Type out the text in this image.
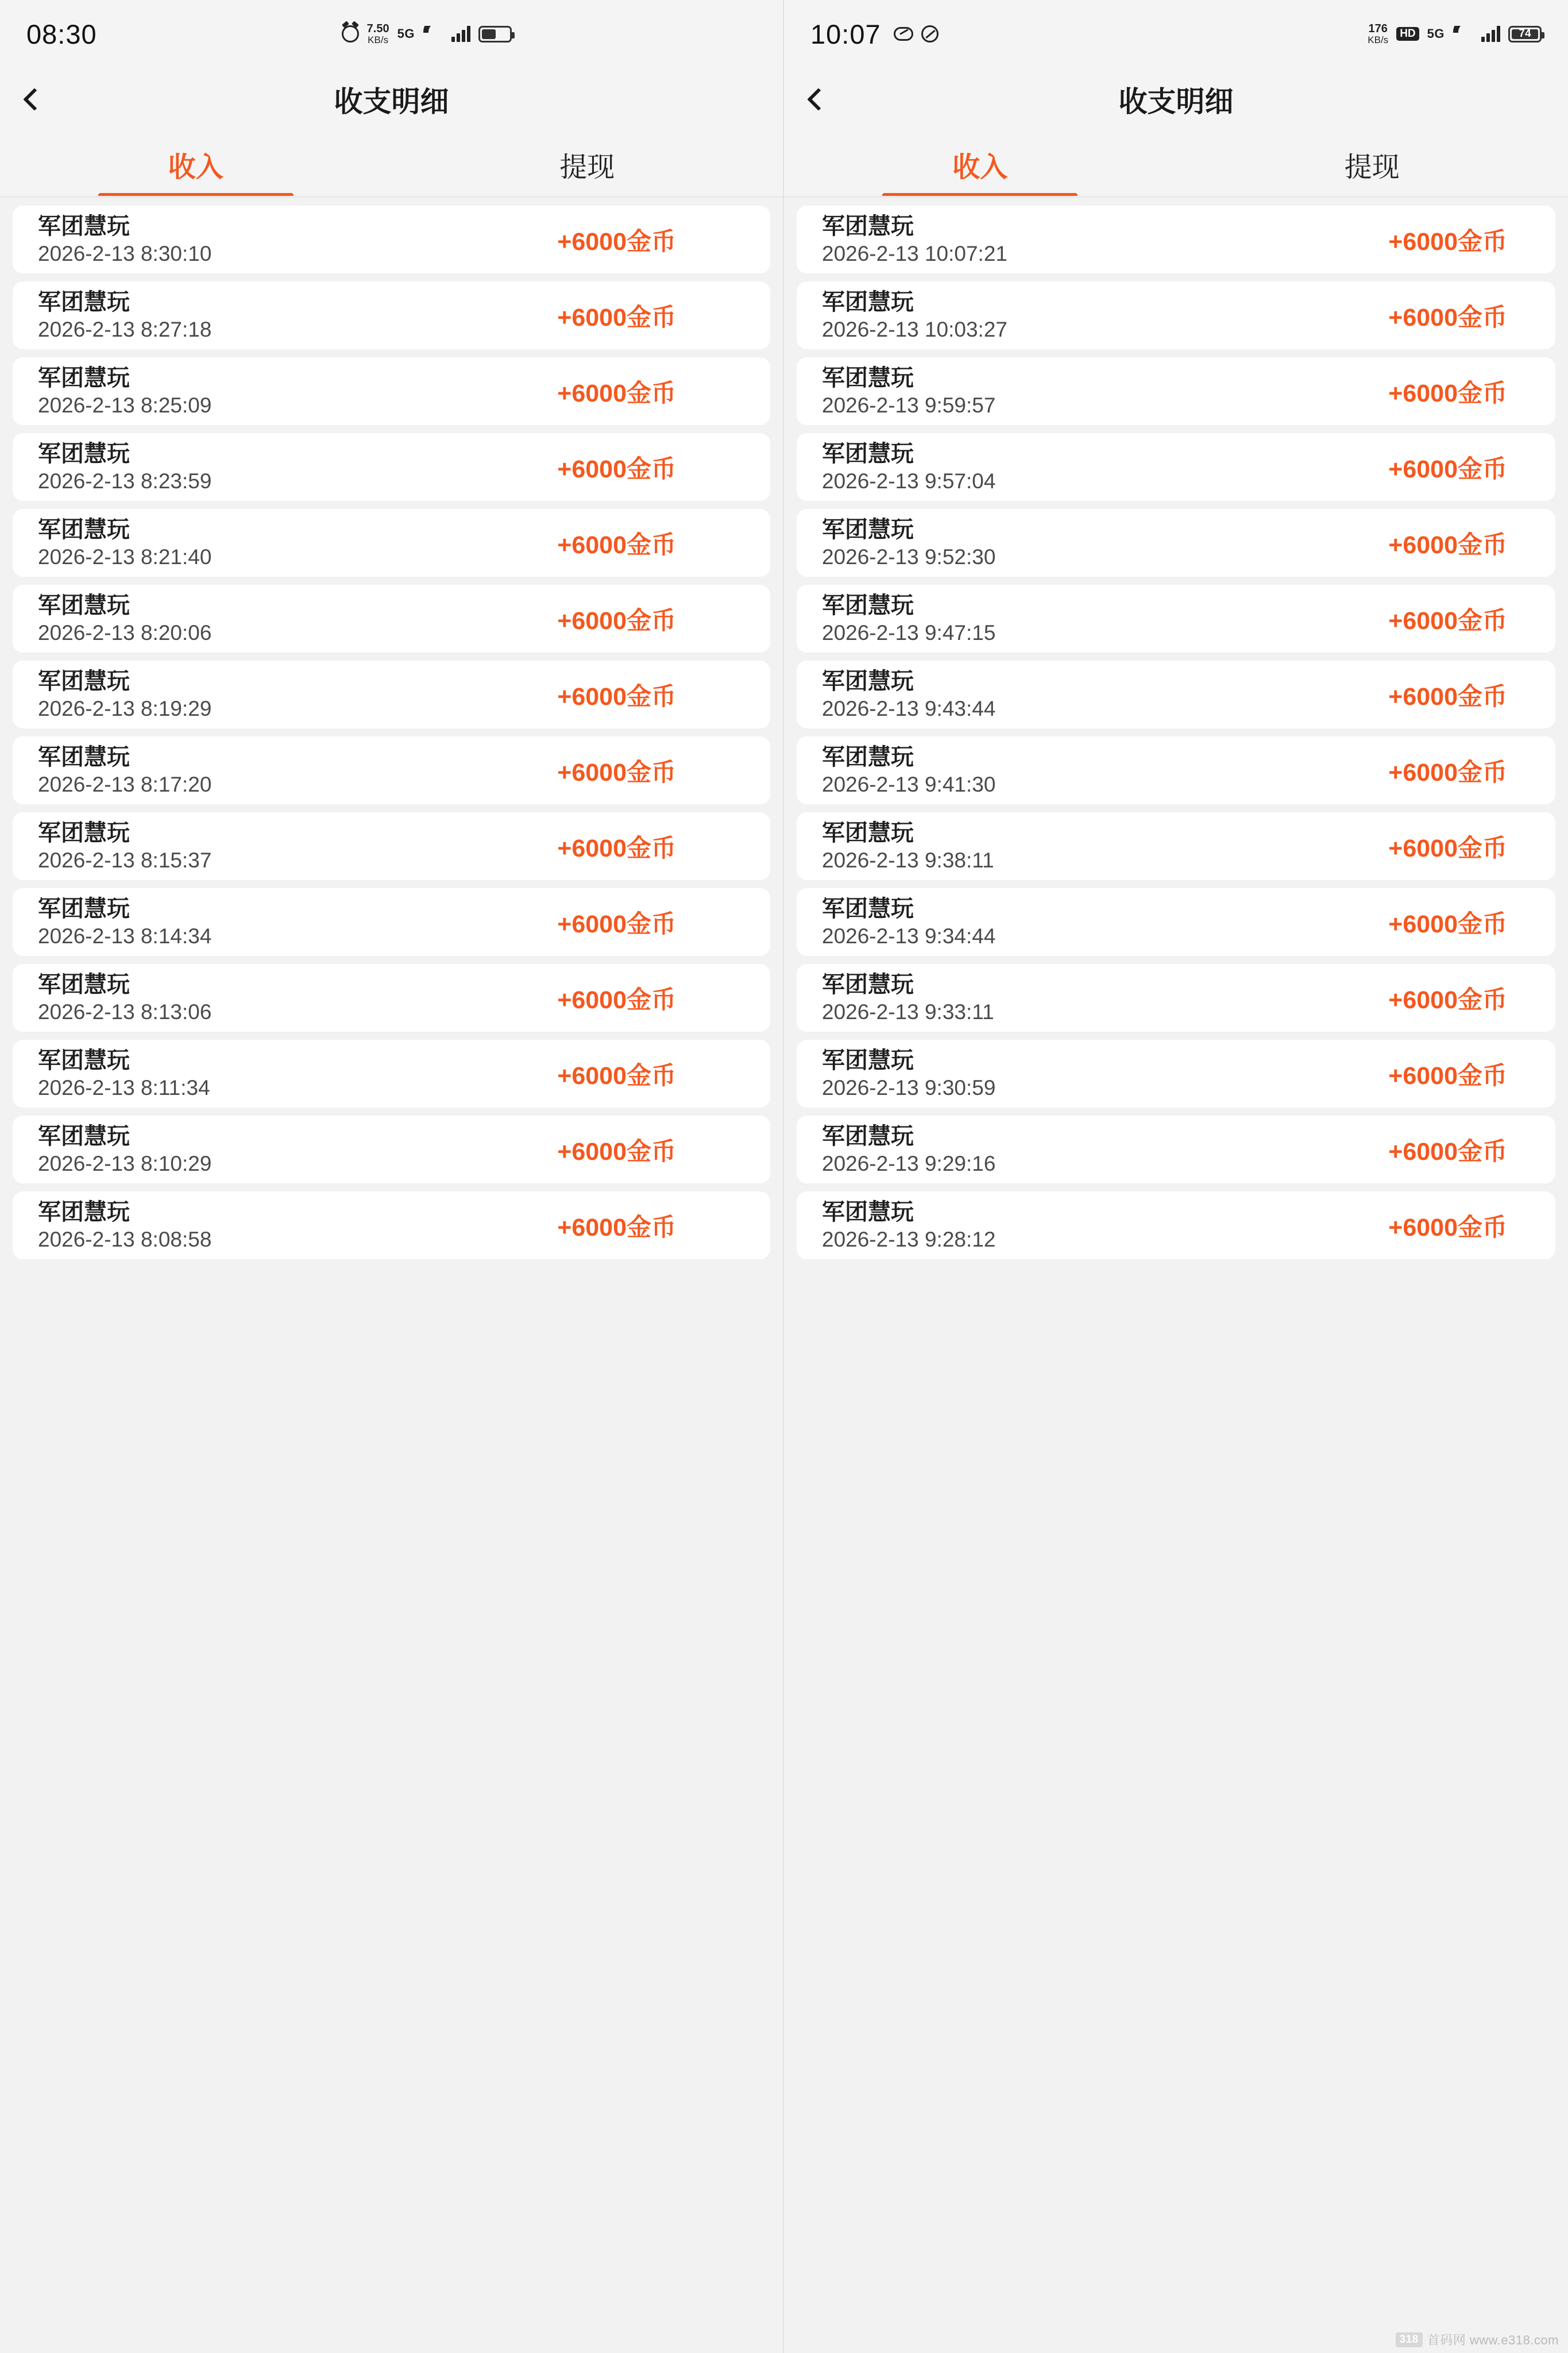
08:30	7.50
KB/s 5G
收支明细
收入	提现
军团慧玩
2026-2-13 8:30:10	+6000金币
军团慧玩
2026-2-13 8:27:18	+6000金币
军团慧玩
2026-2-13 8:25:09	+6000金币
军团慧玩
2026-2-13 8:23:59	+6000金币
军团慧玩
2026-2-13 8:21:40	+6000金币
军团慧玩
2026-2-13 8:20:06	+6000金币
军团慧玩
2026-2-13 8:19:29	+6000金币
军团慧玩
2026-2-13 8:17:20	+6000金币
军团慧玩
2026-2-13 8:15:37	+6000金币
军团慧玩
2026-2-13 8:14:34	+6000金币
军团慧玩
2026-2-13 8:13:06	+6000金币
军团慧玩
2026-2-13 8:11:34	+6000金币
军团慧玩
2026-2-13 8:10:29	+6000金币
军团慧玩
2026-2-13 8:08:58	+6000金币
10:07	176
KB/s
HD 5G	74
收支明细
收入	提现
军团慧玩
2026-2-13 10:07:21	+6000金币
军团慧玩
2026-2-13 10:03:27	+6000金币
军团慧玩
2026-2-13 9:59:57	+6000金币
军团慧玩
2026-2-13 9:57:04	+6000金币
军团慧玩
2026-2-13 9:52:30	+6000金币
军团慧玩
2026-2-13 9:47:15	+6000金币
军团慧玩
2026-2-13 9:43:44	+6000金币
军团慧玩
2026-2-13 9:41:30	+6000金币
军团慧玩
2026-2-13 9:38:11	+6000金币
军团慧玩
2026-2-13 9:34:44	+6000金币
军团慧玩
2026-2-13 9:33:11	+6000金币
军团慧玩
2026-2-13 9:30:59	+6000金币
军团慧玩
2026-2-13 9:29:16	+6000金币
军团慧玩
2026-2-13 9:28:12	+6000金币
318 首码网 www.e318.com
